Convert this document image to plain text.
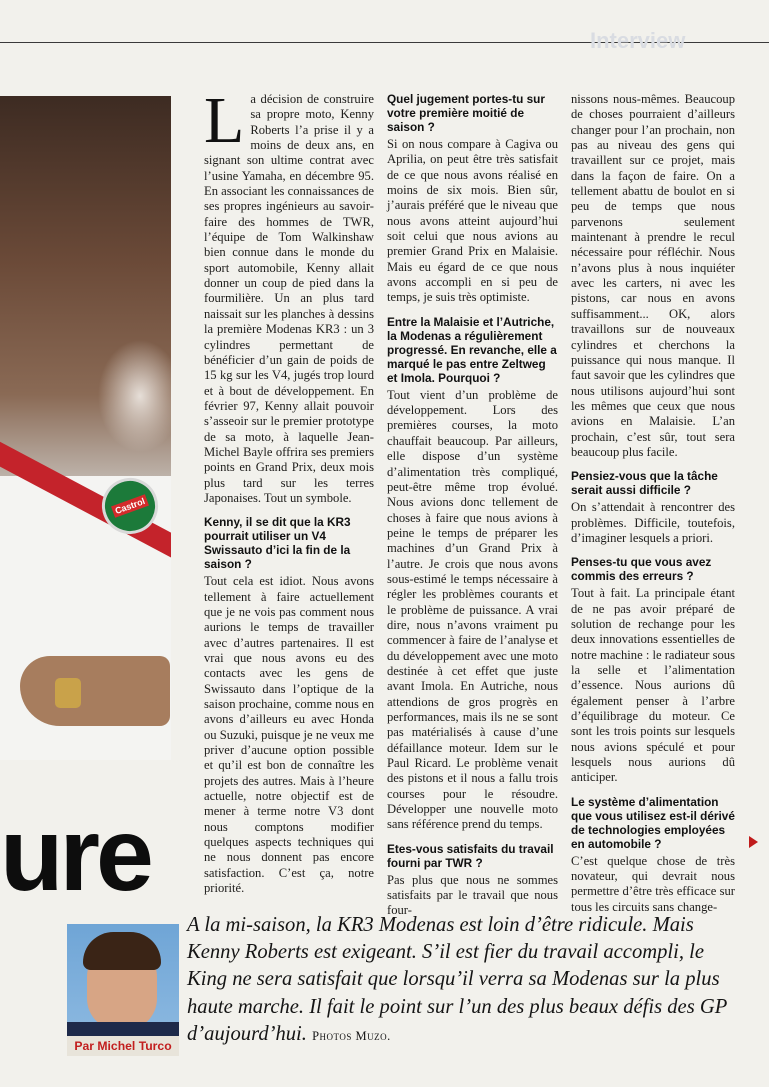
Interview
Castrol

La décision de construire sa propre moto, Kenny Roberts l’a prise il y a moins de deux ans, en signant son ultime contrat avec l’usine Yamaha, en décembre 95. En associant les connaissances de ses propres ingénieurs au savoir-faire des hommes de TWR, l’équipe de Tom Walkinshaw bien connue dans le monde du sport automobile, Kenny allait donner un coup de pied dans la fourmilière. Un an plus tard naissait sur les planches à dessins la première Modenas KR3 : un 3 cylindres permettant de bénéficier d’un gain de poids de 15 kg sur les V4, jugés trop lourd et à bout de développement. En février 97, Kenny allait pouvoir s’asseoir sur le premier prototype de sa moto, à laquelle Jean-Michel Bayle offrira ses premiers points en Grand Prix, deux mois plus tard sur les terres Japonaises. Tout un symbole.

Kenny, il se dit que la KR3 pourrait utiliser un V4 Swissauto d’ici la fin de la saison ?

Tout cela est idiot. Nous avons tellement à faire actuellement que je ne vois pas comment nous aurions le temps de travailler avec d’autres partenaires. Il est vrai que nous avons eu des contacts avec les gens de Swissauto dans l’optique de la saison prochaine, comme nous en avons d’ailleurs eu avec Honda ou Suzuki, puisque je ne veux me priver d’aucune option possible et qu’il est bon de connaître les projets des autres. Mais à l’heure actuelle, notre objectif est de mener à terme notre V3 dont nous comptons modifier quelques aspects techniques qui ne nous donnent pas encore satisfaction. C’est ça, notre priorité.

Quel jugement portes-tu sur votre première moitié de saison ?

Si on nous compare à Cagiva ou Aprilia, on peut être très satisfait de ce que nous avons réalisé en moins de six mois. Bien sûr, j’aurais préféré que le niveau que nous avons atteint aujourd’hui soit celui que nous avions au premier Grand Prix en Malaisie. Mais eu égard de ce que nous avons accompli en si peu de temps, je suis très optimiste.

Entre la Malaisie et l’Autriche, la Modenas a régulièrement progressé. En revanche, elle a marqué le pas entre Zeltweg et Imola. Pourquoi ?

Tout vient d’un problème de développement. Lors des premières courses, la moto chauffait beaucoup. Par ailleurs, elle dispose d’un système d’alimentation très compliqué, peut-être même trop évolué. Nous avions donc tellement de choses à faire que nous avions à peine le temps de préparer les machines d’un Grand Prix à l’autre. Je crois que nous avons sous-estimé le temps nécessaire à régler les problèmes courants et le problème de puissance. A vrai dire, nous n’avons vraiment pu commencer à faire de l’analyse et du développement avec une moto destinée à cet effet que juste avant Imola. En Autriche, nous attendions de gros progrès en performances, mais ils ne se sont pas matérialisés à cause d’une défaillance moteur. Idem sur le Paul Ricard. Le problème venait des pistons et il nous a fallu trois courses pour le résoudre. Développer une nouvelle moto sans référence prend du temps.

Etes-vous satisfaits du travail fourni par TWR ?

Pas plus que nous ne sommes satisfaits par le travail que nous four-

nissons nous-mêmes. Beaucoup de choses pourraient d’ailleurs changer pour l’an prochain, non pas au niveau des gens qui travaillent sur ce projet, mais dans la façon de faire. On a tellement abattu de boulot en si peu de temps que nous parvenons seulement maintenant à prendre le recul nécessaire pour réfléchir. Nous n’avons plus à nous inquiéter avec les carters, ni avec les pistons, car nous en avons suffisamment... OK, alors travaillons sur de nouveaux cylindres et cherchons la puissance qui nous manque. Il faut savoir que les cylindres que nous utilisons aujourd’hui sont les mêmes que ceux que nous avions en Malaisie. L’an prochain, c’est sûr, tout sera beaucoup plus facile.

Pensiez-vous que la tâche serait aussi difficile ?

On s’attendait à rencontrer des problèmes. Difficile, toutefois, d’imaginer lesquels a priori.

Penses-tu que vous avez commis des erreurs ?

Tout à fait. La principale étant de ne pas avoir préparé de solution de rechange pour les deux innovations essentielles de notre machine : le radiateur sous la selle et l’alimentation d’essence. Nous aurions dû également penser à l’arbre d’équilibrage du moteur. Ce sont les trois points sur lesquels nous avions spéculé et pour lesquels nous aurions dû anticiper.

Le système d’alimentation que vous utilisez est-il dérivé de technologies employées en automobile ?

C’est quelque chose de très novateur, qui devrait nous permettre d’être très efficace sur tous les circuits sans change-

ure
Par Michel Turco
A la mi-saison, la KR3 Modenas est loin d’être ridicule. Mais Kenny Roberts est exigeant. S’il est fier du travail accompli, le King ne sera satisfait que lorsqu’il verra sa Modenas sur la plus haute marche. Il fait le point sur l’un des plus beaux défis des GP d’aujourd’hui. Photos Muzo.
